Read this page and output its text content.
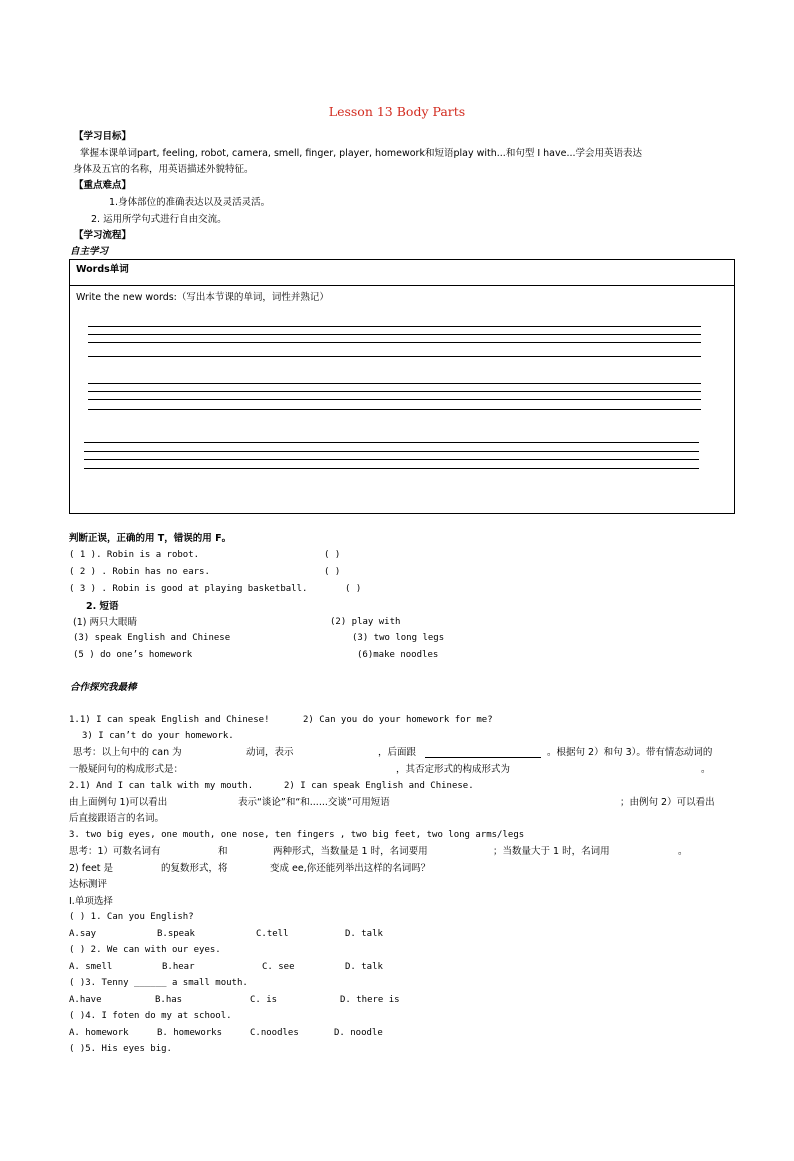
Lesson 13 Body Parts
【学习目标】
掌握本课单词part, feeling, robot, camera, smell, finger, player, homework和短语play with...和句型 I have...学会用英语表达
身体及五官的名称，用英语描述外貌特征。
【重点难点】
1.身体部位的准确表达以及灵活灵活。
2. 运用所学句式进行自由交流。
【学习流程】
自主学习
Words单词
Write the new words:（写出本节课的单词，词性并熟记）
判断正误，正确的用 T，错误的用 F。
( 1 ). Robin is a robot.	( )
( 2 ) . Robin has no ears.	( )
( 3 ) . Robin is good at playing basketball.	( )
2. 短语
(1) 两只大眼睛	(2) play with
(3) speak English and Chinese	(3) two long legs
(5 ) do one’s homework	(6)make noodles
合作探究我最棒
1.1) I can speak English and Chinese!	2) Can you do your homework for me?
3) I can’t do your homework.
思考：以上句中的 can 为	动词，表示	，后面跟	。根据句 2）和句 3）。带有情态动词的
一般疑问句的构成形式是：	，其否定形式的构成形式为	。
2.1) And I can talk with my mouth.	2) I can speak English and Chinese.
由上面例句 1)可以看出	表示“谈论”和“和......交谈”可用短语	；由例句 2）可以看出
后直接跟语言的名词。
3. two big eyes, one mouth, one nose, ten fingers , two big feet, two long arms/legs
思考：1）可数名词有	和	两种形式，当数量是 1 时，名词要用	；当数量大于 1 时，名词用	。
2) feet 是	的复数形式，将	变成 ee,你还能列举出这样的名词吗？
达标测评
I.单项选择
( ) 1. Can you English?
A.say	B.speak	C.tell	D. talk
( ) 2. We can with our eyes.
A. smell	B.hear	C. see	D. talk
( )3. Tenny ______ a small mouth.
A.have	B.has	C. is	D. there is
( )4. I foten do my at school.
A. homework	B. homeworks	C.noodles	D. noodle
( )5. His eyes big.
